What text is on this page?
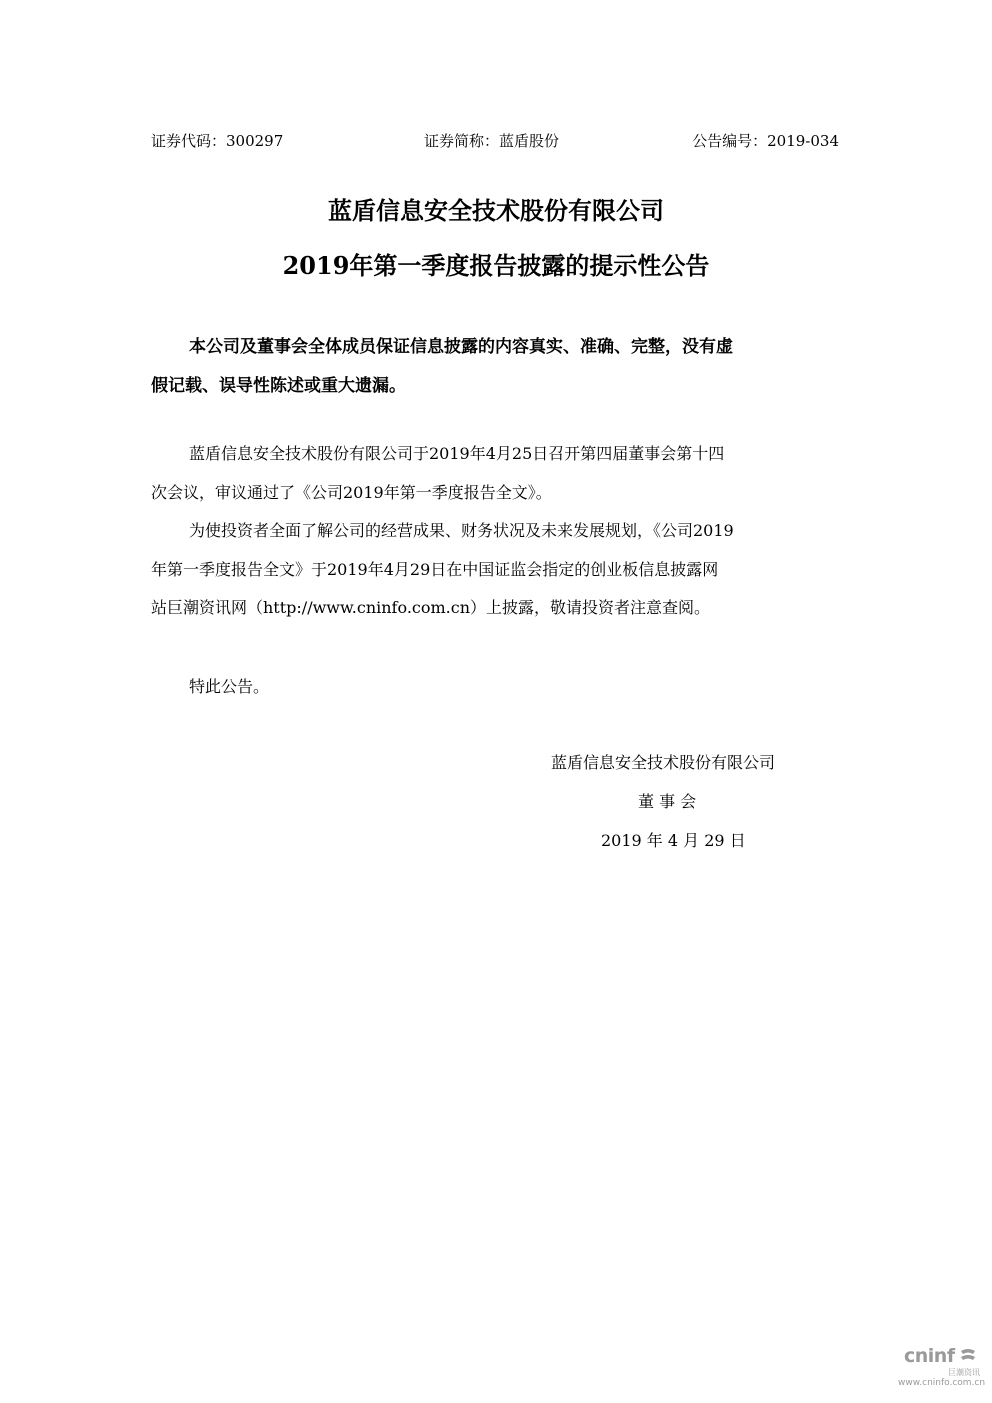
证券代码：300297	证券简称：蓝盾股份	公告编号：2019-034
蓝盾信息安全技术股份有限公司
2019年第一季度报告披露的提示性公告
假记载、误导性陈述或重大遗漏。
本公司及董事会全体成员保证信息披露的内容真实、准确、完整，没有虚
蓝盾信息安全技术股份有限公司于2019年4月25日召开第四届董事会第十四
次会议，审议通过了《公司2019年第一季度报告全文》。
为使投资者全面了解公司的经营成果、财务状况及未来发展规划，《公司2019
年第一季度报告全文》于2019年4月29日在中国证监会指定的创业板信息披露网
站巨潮资讯网（http://www.cninfo.com.cn）上披露，敬请投资者注意查阅。
特此公告。
蓝盾信息安全技术股份有限公司
董 事 会
2019 年 4 月 29 日
cninf
巨潮资讯
www.cninfo.com.cn
